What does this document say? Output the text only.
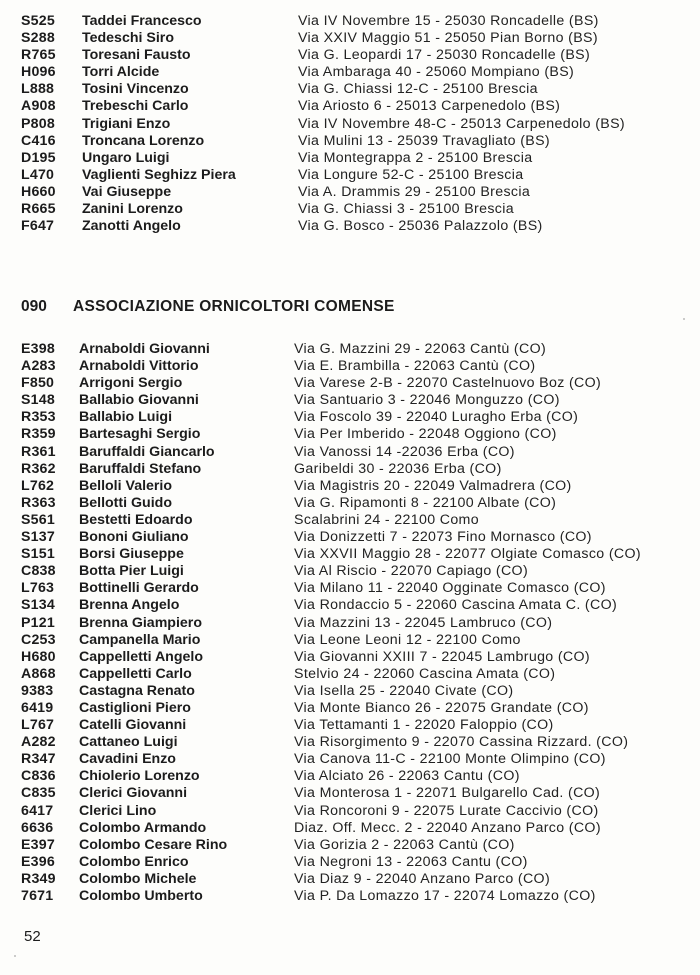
S525 Taddei Francesco	Via IV Novembre 15 - 25030 Roncadelle (BS)
S288 Tedeschi Siro	Via XXIV Maggio 51 - 25050 Pian Borno (BS)
R765 Toresani Fausto	Via G. Leopardi 17 - 25030 Roncadelle (BS)
H096 Torri Alcide	Via Ambaraga 40 - 25060 Mompiano (BS)
L888 Tosini Vincenzo	Via G. Chiassi 12-C - 25100 Brescia
A908 Trebeschi Carlo	Via Ariosto 6 - 25013 Carpenedolo (BS)
P808 Trigiani Enzo	Via IV Novembre 48-C - 25013 Carpenedolo (BS)
C416 Troncana Lorenzo	Via Mulini 13 - 25039 Travagliato (BS)
D195 Ungaro Luigi	Via Montegrappa 2 - 25100 Brescia
L470 Vaglienti Seghizz Piera	Via Longure 52-C - 25100 Brescia
H660 Vai Giuseppe	Via A. Drammis 29 - 25100 Brescia
R665 Zanini Lorenzo	Via G. Chiassi 3 - 25100 Brescia
F647 Zanotti Angelo	Via G. Bosco - 25036 Palazzolo (BS)
090 ASSOCIAZIONE ORNICOLTORI COMENSE
E398 Arnaboldi Giovanni	Via G. Mazzini 29 - 22063 Cantù (CO)
A283 Arnaboldi Vittorio	Via E. Brambilla - 22063 Cantù (CO)
F850 Arrigoni Sergio	Via Varese 2-B - 22070 Castelnuovo Boz (CO)
S148 Ballabio Giovanni	Via Santuario 3 - 22046 Monguzzo (CO)
R353 Ballabio Luigi	Via Foscolo 39 - 22040 Luragho Erba (CO)
R359 Bartesaghi Sergio	Via Per Imberido - 22048 Oggiono (CO)
R361 Baruffaldi Giancarlo	Via Vanossi 14 -22036 Erba (CO)
R362 Baruffaldi Stefano	Garibeldi 30 - 22036 Erba (CO)
L762 Belloli Valerio	Via Magistris 20 - 22049 Valmadrera (CO)
R363 Bellotti Guido	Via G. Ripamonti 8 - 22100 Albate (CO)
S561 Bestetti Edoardo	Scalabrini 24 - 22100 Como
S137 Bononi Giuliano	Via Donizzetti 7 - 22073 Fino Mornasco (CO)
S151 Borsi Giuseppe	Via XXVII Maggio 28 - 22077 Olgiate Comasco (CO)
C838 Botta Pier Luigi	Via Al Riscio - 22070 Capiago (CO)
L763 Bottinelli Gerardo	Via Milano 11 - 22040 Ogginate Comasco (CO)
S134 Brenna Angelo	Via Rondaccio 5 - 22060 Cascina Amata C. (CO)
P121 Brenna Giampiero	Via Mazzini 13 - 22045 Lambruco (CO)
C253 Campanella Mario	Via Leone Leoni 12 - 22100 Como
H680 Cappelletti Angelo	Via Giovanni XXIII 7 - 22045 Lambrugo (CO)
A868 Cappelletti Carlo	Stelvio 24 - 22060 Cascina Amata (CO)
9383 Castagna Renato	Via Isella 25 - 22040 Civate (CO)
6419 Castiglioni Piero	Via Monte Bianco 26 - 22075 Grandate (CO)
L767 Catelli Giovanni	Via Tettamanti 1 - 22020 Faloppio (CO)
A282 Cattaneo Luigi	Via Risorgimento 9 - 22070 Cassina Rizzard. (CO)
R347 Cavadini Enzo	Via Canova 11-C - 22100 Monte Olimpino (CO)
C836 Chiolerio Lorenzo	Via Alciato 26 - 22063 Cantu (CO)
C835 Clerici Giovanni	Via Monterosa 1 - 22071 Bulgarello Cad. (CO)
6417 Clerici Lino	Via Roncoroni 9 - 22075 Lurate Caccivio (CO)
6636 Colombo Armando	Diaz. Off. Mecc. 2 - 22040 Anzano Parco (CO)
E397 Colombo Cesare Rino	Via Gorizia 2 - 22063 Cantù (CO)
E396 Colombo Enrico	Via Negroni 13 - 22063 Cantu (CO)
R349 Colombo Michele	Via Diaz 9 - 22040 Anzano Parco (CO)
7671 Colombo Umberto	Via P. Da Lomazzo 17 - 22074 Lomazzo (CO)
52
